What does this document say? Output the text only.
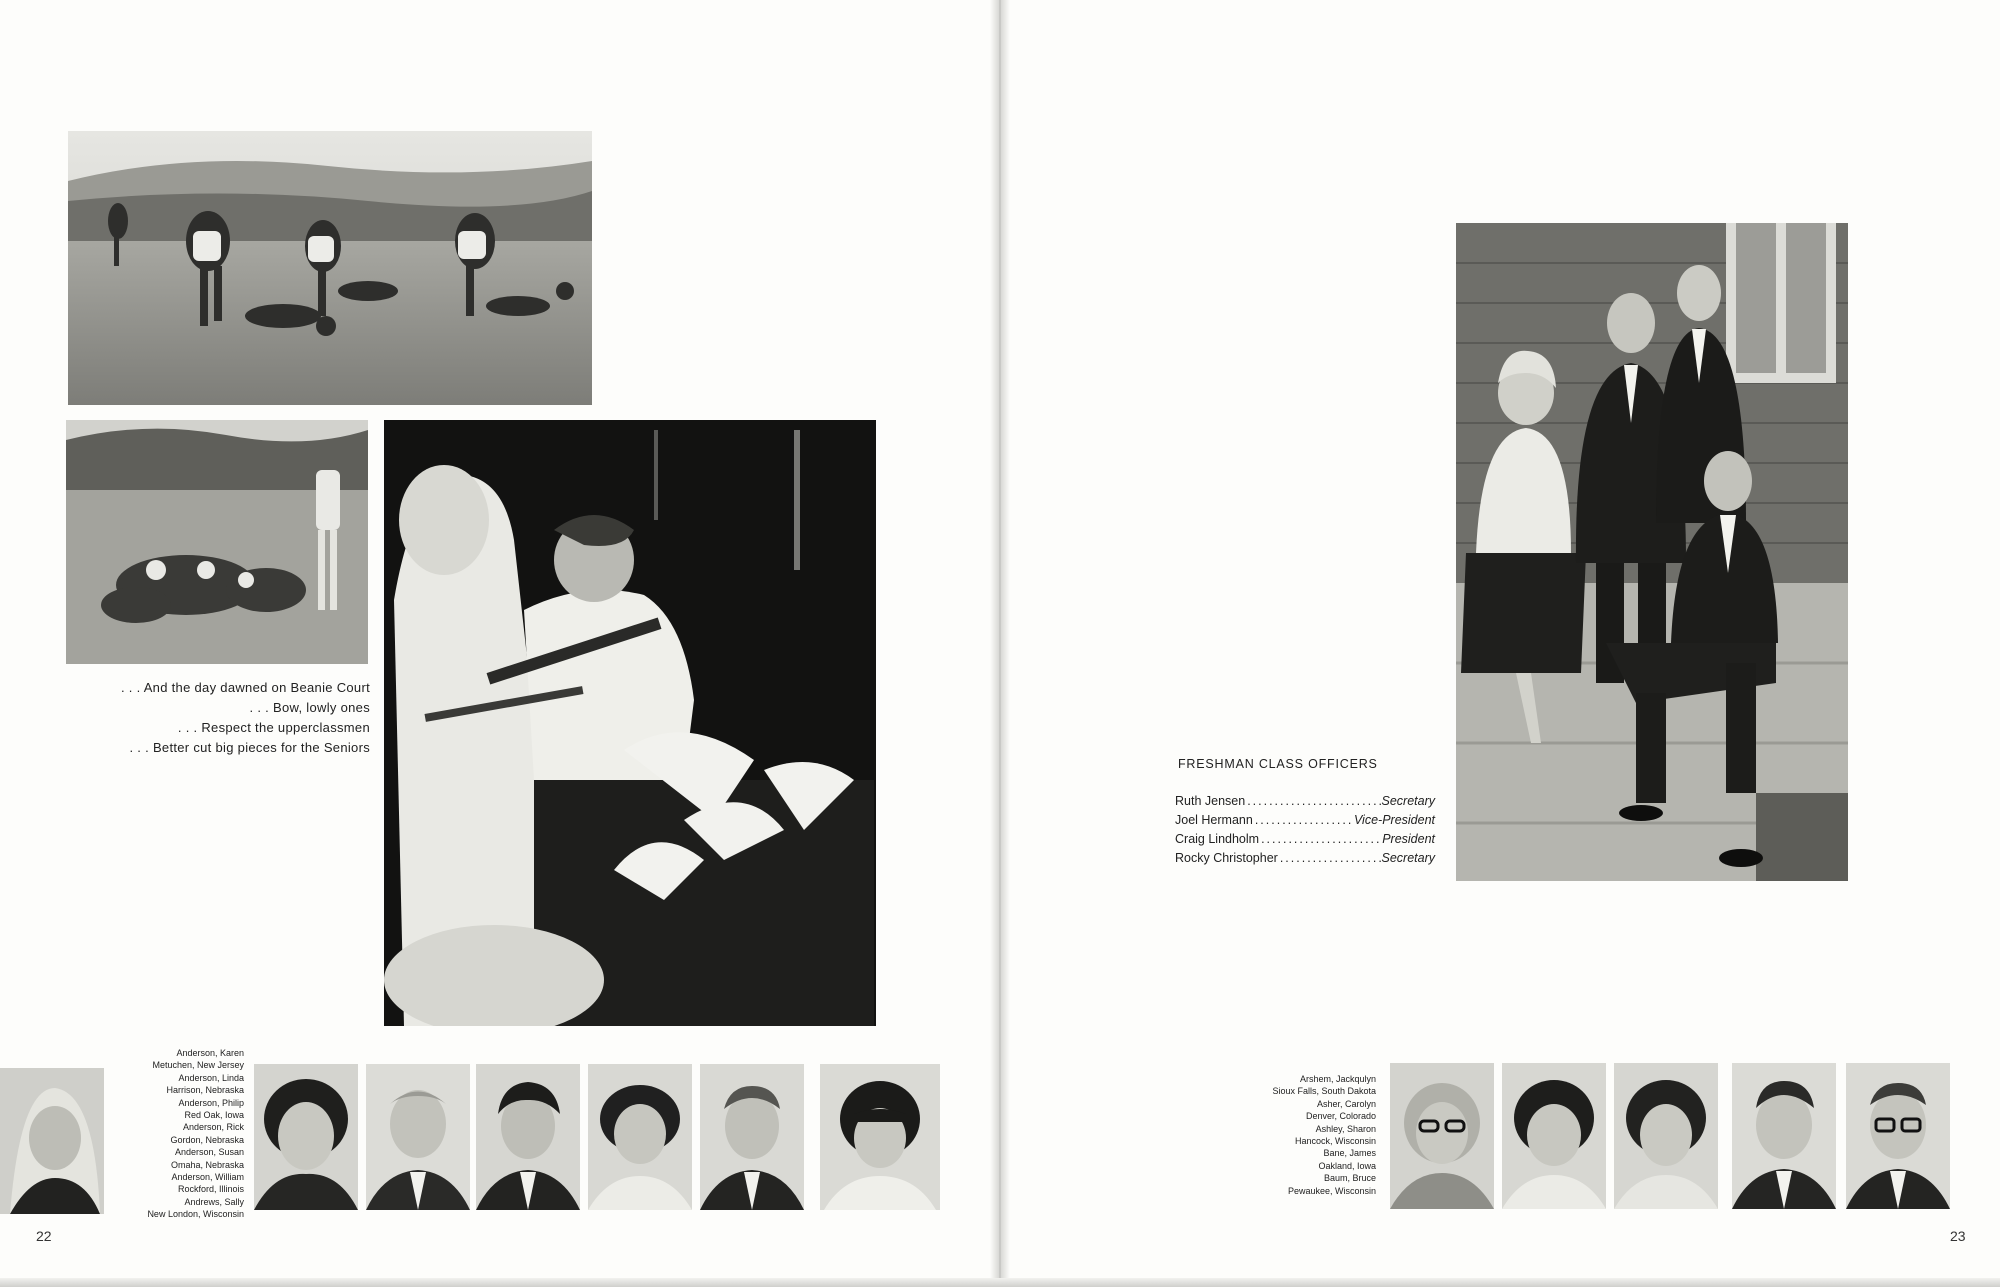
. . . And the day dawned on Beanie Court
. . . Bow, lowly ones
. . . Respect the upperclassmen
. . . Better cut big pieces for the Seniors
Anderson, Karen
Metuchen, New Jersey
Anderson, Linda
Harrison, Nebraska
Anderson, Philip
Red Oak, Iowa
Anderson, Rick
Gordon, Nebraska
Anderson, Susan
Omaha, Nebraska
Anderson, William
Rockford, Illinois
Andrews, Sally
New London, Wisconsin
22
FRESHMAN CLASS OFFICERS
Ruth Jensen .....	Secretary
Joel Hermann .....	Vice-President
Craig Lindholm .....	President
Rocky Christopher .....	Secretary
Arshem, Jackqulyn
Sioux Falls, South Dakota
Asher, Carolyn
Denver, Colorado
Ashley, Sharon
Hancock, Wisconsin
Bane, James
Oakland, Iowa
Baum, Bruce
Pewaukee, Wisconsin
23
